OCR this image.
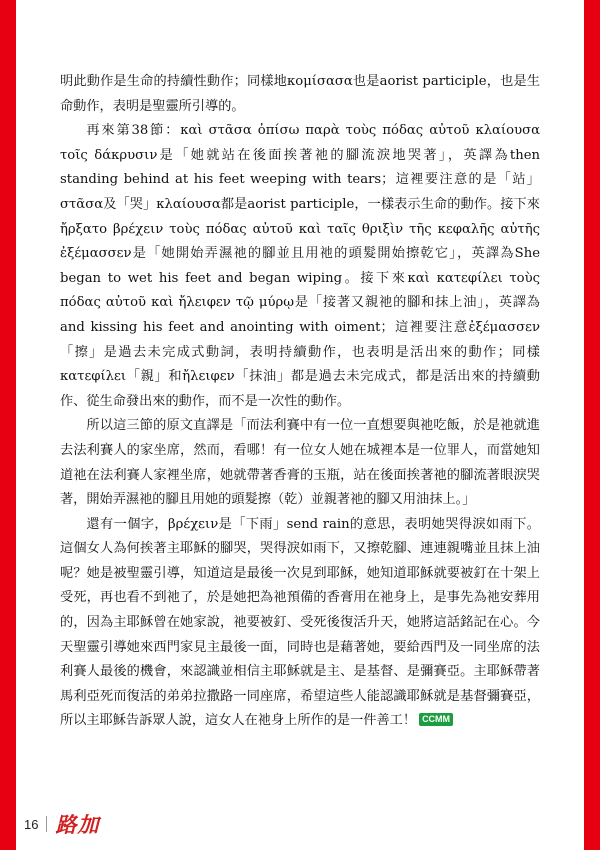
明此動作是生命的持續性動作；同樣地κομίσασα也是aorist participle，也是生命動作，表明是聖靈所引導的。

再來第38節：καὶ στᾶσα ὀπίσω παρὰ τοὺς πόδας αὐτοῦ κλαίουσα τοῖς δάκρυσιν是「她就站在後面挨著祂的腳流淚地哭著」，英譯為then standing behind at his feet weeping with tears；這裡要注意的是「站」στᾶσα及「哭」κλαίουσα都是aorist participle，一樣表示生命的動作。接下來ἤρξατο βρέχειν τοὺς πόδας αὐτοῦ καὶ ταῖς θριξὶν τῆς κεφαλῆς αὐτῆς ἐξέμασσεν是「她開始弄濕祂的腳並且用祂的頭髮開始擦乾它」，英譯為She began to wet his feet and began wiping。接下來καὶ κατεφίλει τοὺς πόδας αὐτοῦ καὶ ἤλειφεν τῷ μύρῳ是「接著又親祂的腳和抹上油」，英譯為and kissing his feet and anointing with oiment；這裡要注意ἐξέμασσεν「擦」是過去未完成式動詞，表明持續動作，也表明是活出來的動作；同樣κατεφίλει「親」和ἤλειφεν「抹油」都是過去未完成式，都是活出來的持續動作、從生命發出來的動作，而不是一次性的動作。

所以這三節的原文直譯是「而法利賽中有一位一直想要與祂吃飯，於是祂就進去法利賽人的家坐席，然而，看哪！有一位女人她在城裡本是一位罪人，而當她知道祂在法利賽人家裡坐席，她就帶著香膏的玉瓶，站在後面挨著祂的腳流著眼淚哭著，開始弄濕祂的腳且用她的頭髮擦（乾）並親著祂的腳又用油抹上。」

還有一個字，βρέχειν是「下雨」send rain的意思，表明她哭得淚如雨下。這個女人為何挨著主耶穌的腳哭，哭得淚如雨下，又擦乾腳、連連親嘴並且抹上油呢？她是被聖靈引導，知道這是最後一次見到耶穌，她知道耶穌就要被釘在十架上受死，再也看不到祂了，於是她把為祂預備的香膏用在祂身上，是事先為祂安葬用的，因為主耶穌曾在她家說，祂要被釘、受死後復活升天，她將這話銘記在心。今天聖靈引導她來西門家見主最後一面，同時也是藉著她，要給西門及一同坐席的法利賽人最後的機會，來認識並相信主耶穌就是主、是基督、是彌賽亞。主耶穌帶著馬利亞死而復活的弟弟拉撒路一同座席，希望這些人能認識耶穌就是基督彌賽亞，所以主耶穌告訴眾人說，這女人在祂身上所作的是一件善工！ CCMM

16 路加
